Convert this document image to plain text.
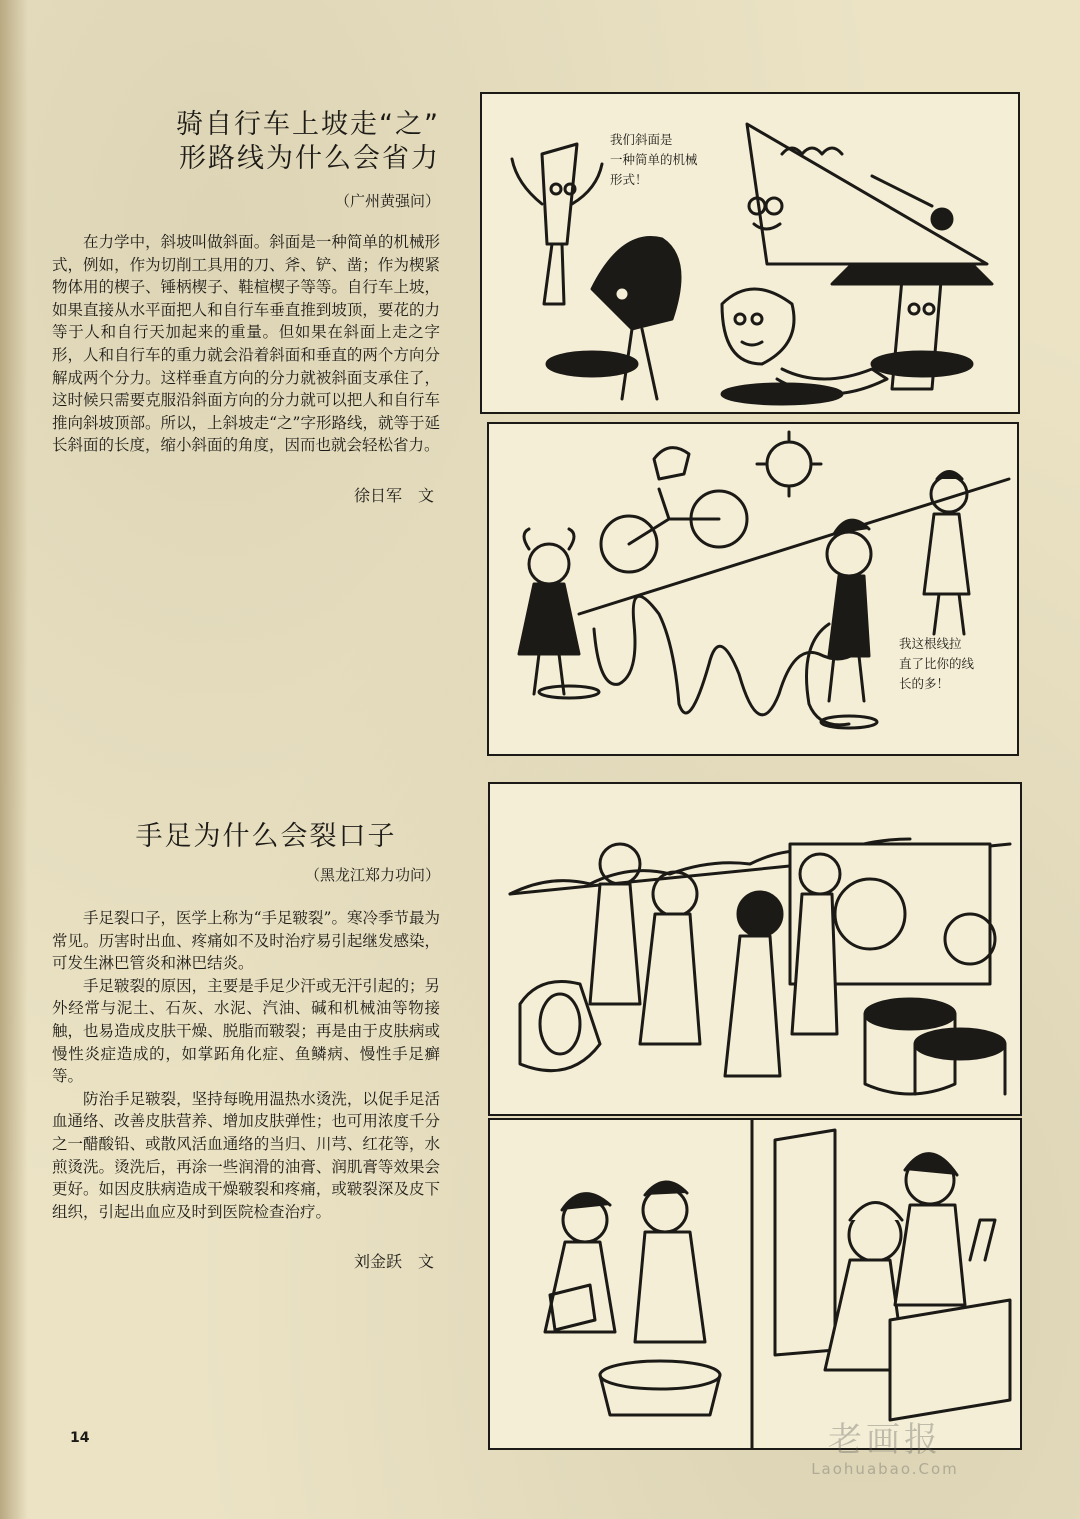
骑自行车上坡走“之”
形路线为什么会省力
（广州黄强问）

在力学中，斜坡叫做斜面。斜面是一种简单的机械形式，例如，作为切削工具用的刀、斧、铲、凿；作为楔紧物体用的楔子、锤柄楔子、鞋楦楔子等等。自行车上坡，如果直接从水平面把人和自行车垂直推到坡顶，要花的力等于人和自行天加起来的重量。但如果在斜面上走之字形，人和自行车的重力就会沿着斜面和垂直的两个方向分解成两个分力。这样垂直方向的分力就被斜面支承住了，这时候只需要克服沿斜面方向的分力就可以把人和自行车推向斜坡顶部。所以，上斜坡走“之”字形路线，就等于延长斜面的长度，缩小斜面的角度，因而也就会轻松省力。

徐日军　文
手足为什么会裂口子
（黑龙江郑力功问）

手足裂口子，医学上称为“手足皲裂”。寒冷季节最为常见。历害时出血、疼痛如不及时治疗易引起继发感染，可发生淋巴管炎和淋巴结炎。

手足皲裂的原因，主要是手足少汗或无汗引起的；另外经常与泥土、石灰、水泥、汽油、碱和机械油等物接触，也易造成皮肤干燥、脱脂而皲裂；再是由于皮肤病或慢性炎症造成的，如掌跖角化症、鱼鳞病、慢性手足癣等。

防治手足皲裂，坚持每晚用温热水烫洗，以促手足活血通络、改善皮肤营养、增加皮肤弹性；也可用浓度千分之一醋酸铅、或散风活血通络的当归、川芎、红花等，水煎烫洗。烫洗后，再涂一些润滑的油膏、润肌膏等效果会更好。如因皮肤病造成干燥皲裂和疼痛，或皲裂深及皮下组织，引起出血应及时到医院检查治疗。

刘金跃　文
我们斜面是
一种简单的机械
形式！
我这根线拉
直了比你的线
长的多！
14	老画报
Laohuabao.Com
